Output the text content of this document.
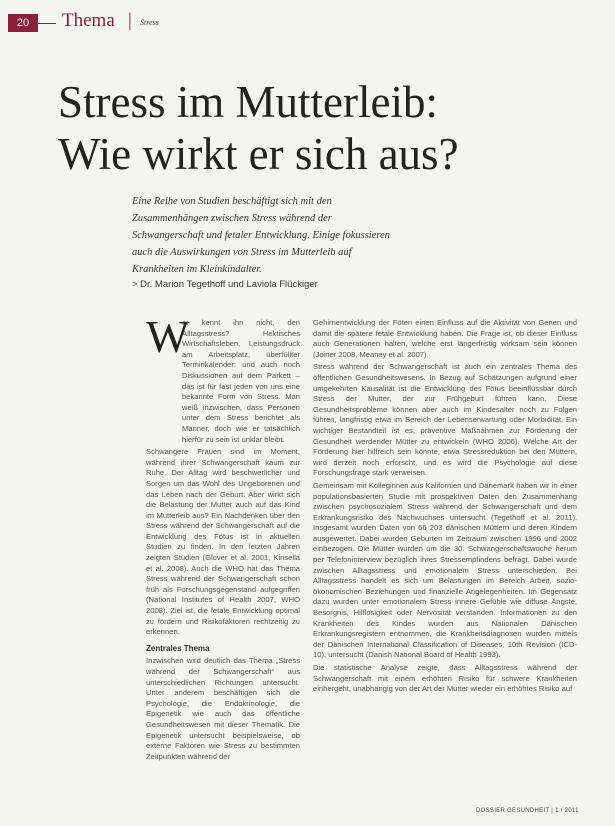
20	Thema | Stress
Stress im Mutterleib:
Wie wirkt er sich aus?
Eine Reihe von Studien beschäftigt sich mit den Zusammenhängen zwischen Stress während der Schwangerschaft und fetaler Entwicklung. Einige fokussieren auch die Auswirkungen von Stress im Mutterleib auf Krankheiten im Kleinkindalter.
> Dr. Marion Tegethoff und Laviola Flückiger
W

er kennt ihn nicht, den Alltagsstress? Hektisches Wirtschaftsleben, Leistungsdruck am Arbeitsplatz, überfüllter Terminkalender: und auch noch Diskussionen auf dem Parkett – das ist für fast jeden von uns eine bekannte Form von Stress. Man weiß inzwischen, dass Personen unter dem Stress berichtet als Männer, doch wie er tatsächlich hierfür zu sein ist unklar bleibt.

Schwangere Frauen sind im Moment, während ihrer Schwangerschaft kaum zur Ruhe. Der Alltag wird beschwerlicher und Sorgen um das Wohl des Ungeborenen und das Leben nach der Geburt. Aber wirkt sich die Belastung der Mutter auch auf das Kind im Mutterleib aus? Ein Nachdenken über den Stress während der Schwangerschaft auf die Entwicklung des Fötus ist in aktuellen Studien zu finden. In den letzten Jahren zeigten Studien (Glover et al. 2001, Kinsella et al. 2008). Auch die WHO hat das Thema Stress während der Schwangerschaft schon früh als Forschungsgegenstand aufgegriffen (National Institutes of Health 2007, WHO 2008). Ziel ist, die fetale Entwicklung optimal zu fördern und Risikofaktoren rechtzeitig zu erkennen.

Zentrales Thema

Inzwischen wird deutlich das Thema „Stress während der Schwangerschaft“ aus unterschiedlichen Richtungen untersucht. Unter anderem beschäftigen sich die Psychologie, die Endokrinologie, die Epigenetik wie auch das öffentliche Gesundheitswesen mit dieser Thematik. Die Epigenetik untersucht beispielsweise, ob externe Faktoren wie Stress zu bestimmten Zeitpunkten während der

Gehirnentwicklung der Föten einen Einfluss auf die Aktivität von Genen und damit die spätere fetale Entwicklung haben. Die Frage ist, ob dieser Einfluss auch Generationen halten, welche erst längerfristig wirksam sein können (Joiner 2008, Meaney et al. 2007).

Stress während der Schwangerschaft ist auch ein zentrales Thema des öffentlichen Gesundheitswesens. In Bezug auf Schätzungen aufgrund einer umgekehrten Kausalität ist die Entwicklung des Fötus beeinflussbar durch Stress der Mutter, der zur Frühgeburt führen kann. Diese Gesundheitsprobleme können aber auch im Kindesalter noch zu Folgen führen, langfristig etwa im Bereich der Lebenserwartung oder Morbidität. Ein wichtiger Bestandteil ist es, präventive Maßnahmen zur Förderung der Gesundheit werdender Mütter zu entwickeln (WHO 2006). Welche Art der Förderung hier hilfreich sein könnte, etwa Stressreduktion bei den Müttern, wird derzeit noch erforscht, und es wird die Psychologie auf diese Forschungsfrage stark verweisen.

Gemeinsam mit Kolleginnen aus Kalifornien und Dänemark haben wir in einer populationsbasierten Studie mit prospektiven Daten den Zusammenhang zwischen psychosozialem Stress während der Schwangerschaft und dem Erkrankungsrisiko des Nachwuchses untersucht (Tegethoff et al. 2011). Insgesamt wurden Daten von 66 203 dänischen Müttern und deren Kindern ausgewertet. Dabei wurden Geburten im Zeitraum zwischen 1996 und 2002 einbezogen. Die Mütter wurden um die 30. Schwangerschaftswoche herum per Telefoninterview bezüglich ihres Stressempfindens befragt. Dabei wurde zwischen Alltagsstress und emotionalem Stress unterschieden. Bei Alltagsstress handelt es sich um Belastungen im Bereich Arbeit, sozio-ökonomischen Beziehungen und finanzielle Angelegenheiten. Im Gegensatz dazu wurden unter emotionalem Stress innere Gefühle wie diffuse Ängste, Besorgnis, Hilflosigkeit oder Nervosität verstanden. Informationen zu den Krankheiten des Kindes wurden aus Nationalen Dänischen Erkrankungsregistern entnommen, die Krankheitsdiagnosen wurden mittels der Dänischen International Classification of Diseases, 10th Revision (ICD-10), untersucht (Danish National Board of Health 1993).

Die statistische Analyse zeigte, dass Alltagsstress während der Schwangerschaft mit einem erhöhten Risiko für schwere Krankheiten einhergeht, unabhängig von der Art der Mutter wieder ein erhöhtes Risiko auf

DOSSIER GESUNDHEIT | 1 / 2011
